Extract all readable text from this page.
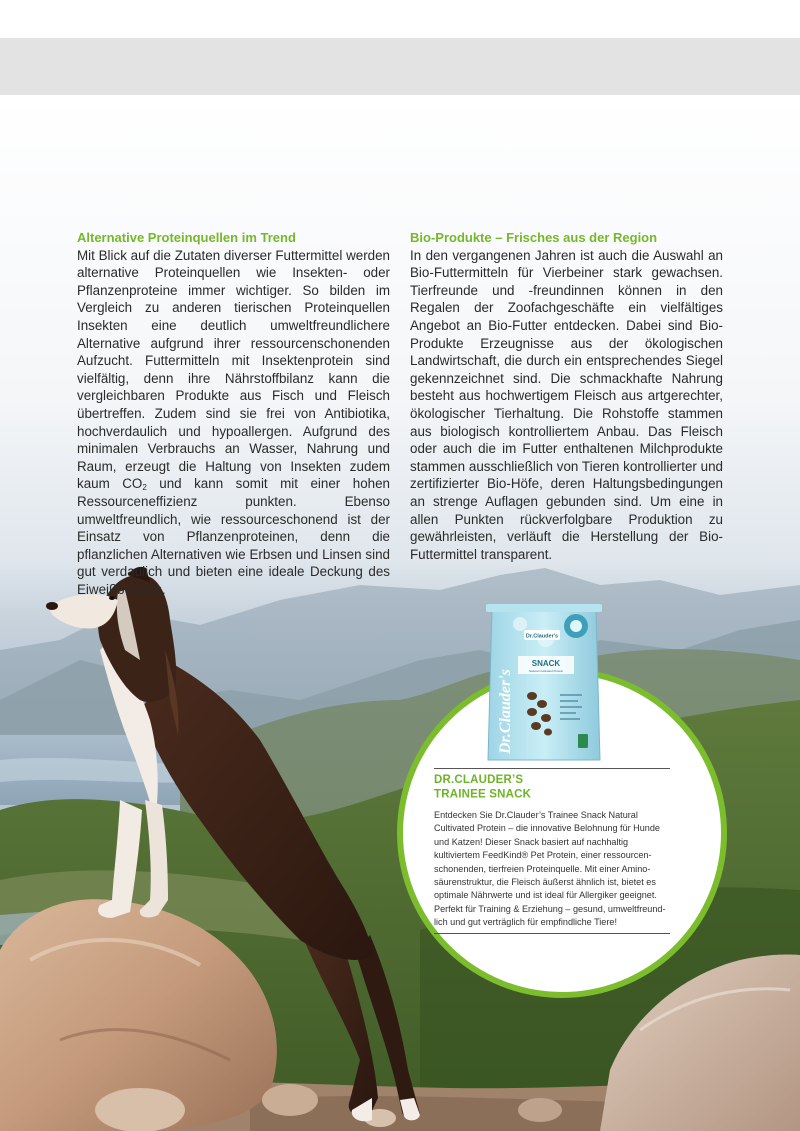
Alternative Proteinquellen im Trend

Mit Blick auf die Zutaten diverser Futtermittel werden alternative Proteinquellen wie Insekten- oder Pflanzenproteine immer wichtiger. So bilden im Vergleich zu anderen tierischen Proteinquellen Insekten eine deutlich umweltfreundlichere Alternative aufgrund ihrer ressourcenschonenden Aufzucht. Futtermitteln mit Insektenprotein sind vielfältig, denn ihre Nährstoffbilanz kann die vergleichbaren Produkte aus Fisch und Fleisch übertreffen. Zudem sind sie frei von Antibiotika, hochverdaulich und hypoallergen. Aufgrund des minimalen Verbrauchs an Wasser, Nahrung und Raum, erzeugt die Haltung von Insekten zudem kaum $CO_2$ und kann somit mit einer hohen Ressourceneffizienz punkten. Ebenso umweltfreundlich, wie ressourceschonend ist der Einsatz von Pflanzenproteinen, denn die pflanzlichen Alternativen wie Erbsen und Linsen sind gut verdaulich und bieten eine ideale Deckung des Eiweißbedarfs.

Bio-Produkte – Frisches aus der Region

In den vergangenen Jahren ist auch die Auswahl an Bio-Futtermitteln für Vierbeiner stark gewachsen. Tierfreunde und -freundinnen können in den Regalen der Zoofachgeschäfte ein vielfältiges Angebot an Bio-Futter entdecken. Dabei sind Bio-Produkte Erzeugnisse aus der ökologischen Landwirtschaft, die durch ein entsprechendes Siegel gekennzeichnet sind. Die schmackhafte Nahrung besteht aus hochwertigem Fleisch aus artgerechter, ökologischer Tierhaltung. Die Rohstoffe stammen aus biologisch kontrolliertem Anbau. Das Fleisch oder auch die im Futter enthaltenen Milchprodukte stammen ausschließlich von Tieren kontrollierter und zertifizierter Bio-Höfe, deren Haltungsbedingungen an strenge Auflagen gebunden sind. Um eine in allen Punkten rückverfolgbare Produktion zu gewährleisten, verläuft die Herstellung der Bio-Futtermittel transparent.

Dr.Clauder's
SNACK
Natural Cultivated Protein
Dr.Clauder's
DR.CLAUDER’S
TRAINEE SNACK

Entdecken Sie Dr.Clauder’s Trainee Snack Natural Cultivated Protein – die innovative Belohnung für Hunde und Katzen! Dieser Snack basiert auf nachhaltig kultiviertem FeedKind® Pet Protein, einer ressourcenschonenden, tierfreien Proteinquelle. Mit einer Aminosäurenstruktur, die Fleisch äußerst ähnlich ist, bietet es optimale Nährwerte und ist ideal für Allergiker geeignet. Perfekt für Training & Erziehung – gesund, umweltfreundlich und gut verträglich für empfindliche Tiere!
